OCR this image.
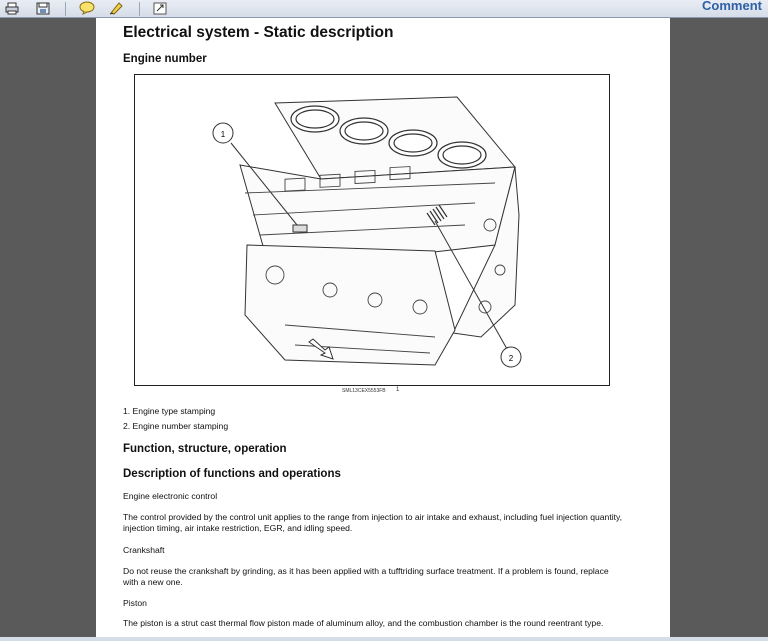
Comment
Electrical system - Static description
Engine number
1
2
SML13CEX5553FB 1
1. Engine type stamping
2. Engine number stamping
Function, structure, operation
Description of functions and operations
Engine electronic control
The control provided by the control unit applies to the range from injection to air intake and exhaust, including fuel injection quantity, injection timing, air intake restriction, EGR, and idling speed.
Crankshaft
Do not reuse the crankshaft by grinding, as it has been applied with a tufftriding surface treatment. If a problem is found, replace with a new one.
Piston
The piston is a strut cast thermal flow piston made of aluminum alloy, and the combustion chamber is the round reentrant type.
